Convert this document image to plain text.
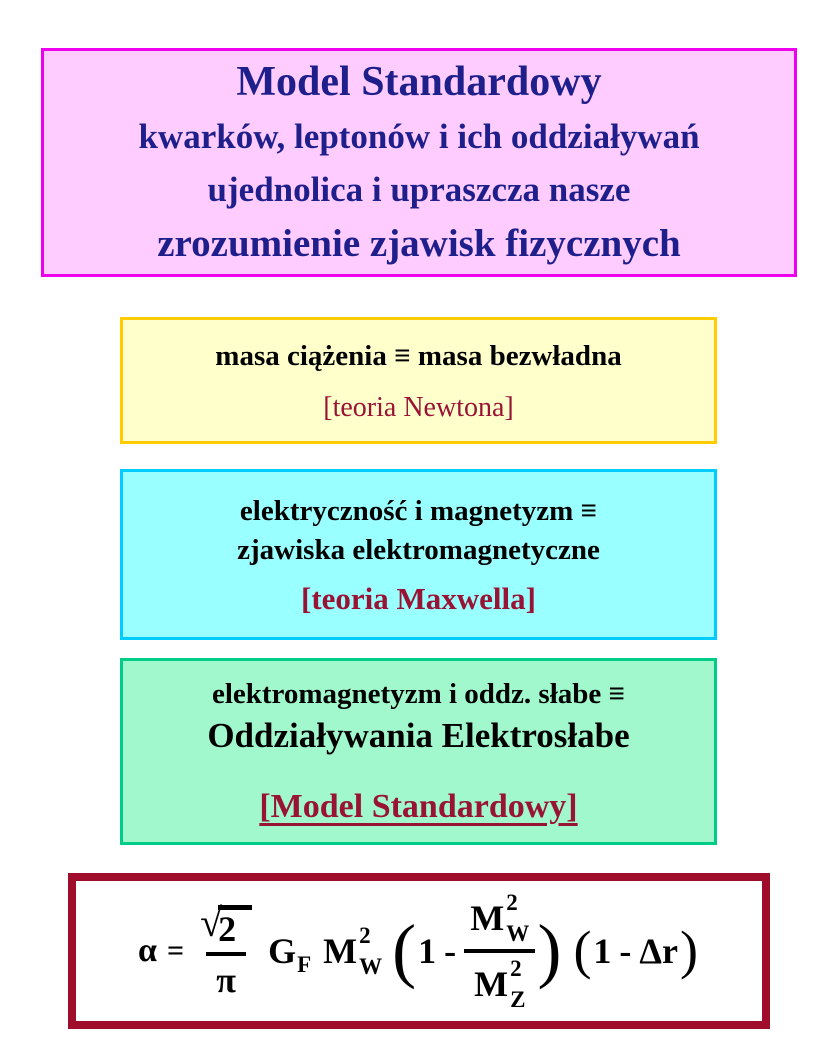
Model Standardowy
kwarków, leptonów i ich oddziaływań
ujednolica i upraszcza nasze
zrozumienie zjawisk fizycznych
masa ciążenia ≡ masa bezwładna
[teoria Newtona]
elektryczność i magnetyzm ≡
zjawiska elektromagnetyczne
[teoria Maxwella]
elektromagnetyzm i oddz. słabe ≡
Oddziaływania Elektrosłabe
[Model Standardowy]
α = √
2
π G F M 2
W ( 1 - M 2
W
M 2
Z ) ( 1 - Δr )
